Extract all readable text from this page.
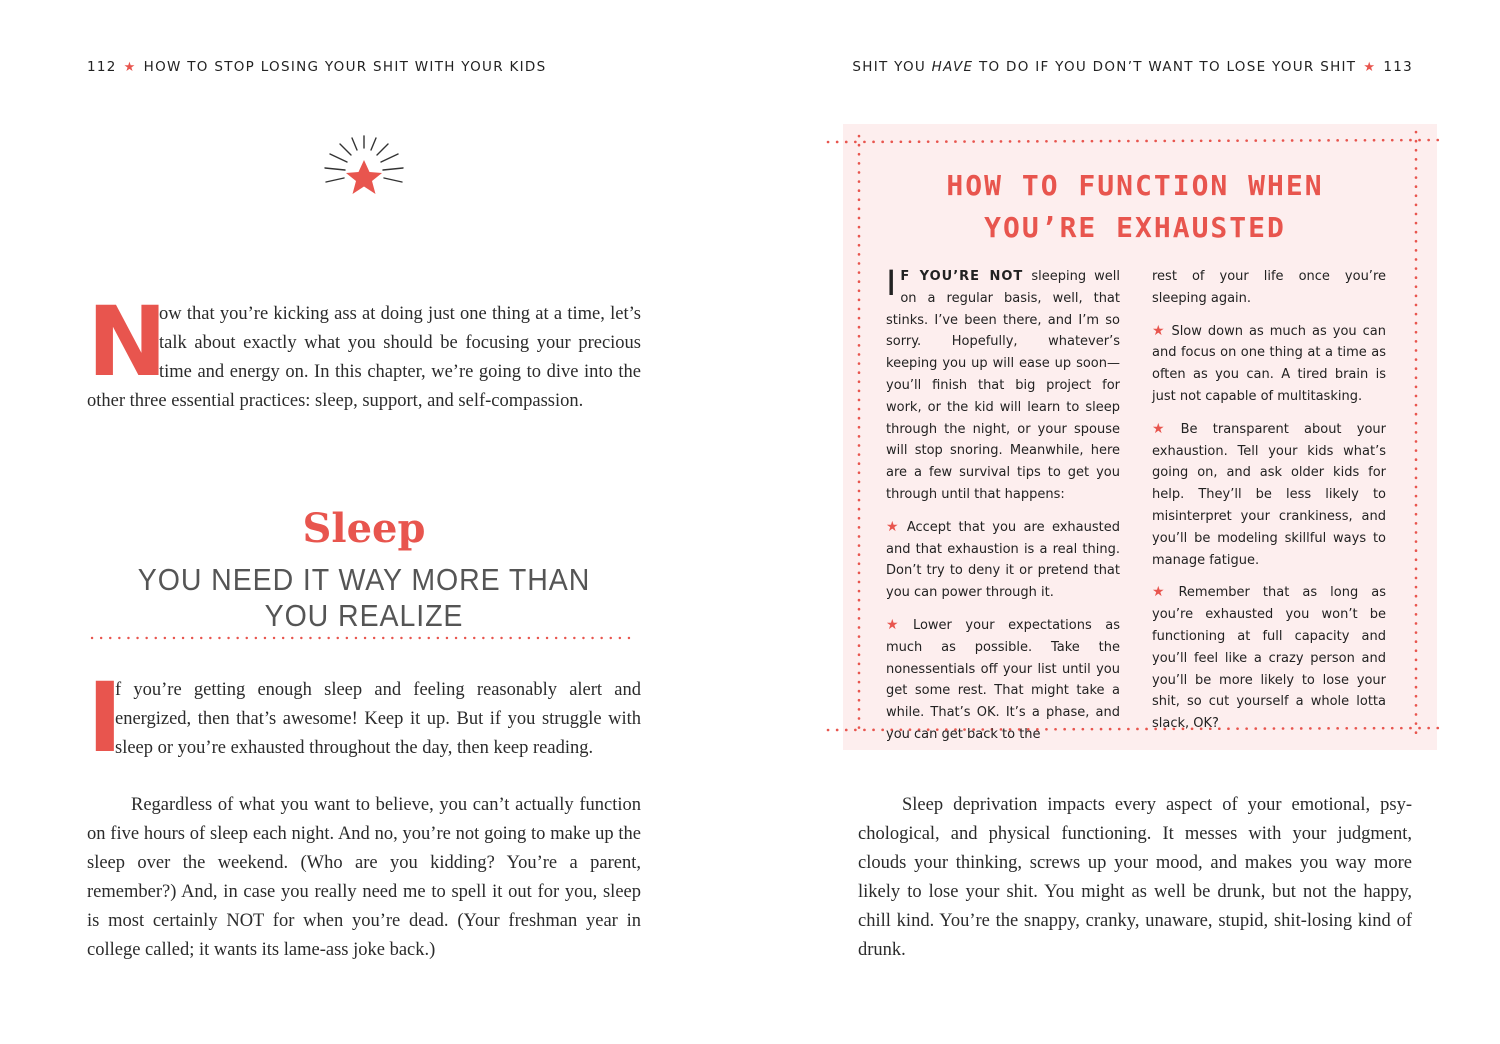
112 ★ HOW TO STOP LOSING YOUR SHIT WITH YOUR KIDS
N
ow that you’re kicking ass at doing just one thing at a time, let’s talk about exactly what you should be focusing your precious time and energy on. In this chapter, we’re going to dive into the other three essential practices: sleep, support, and self-compassion.
Sleep
YOU NEED IT WAY MORE THAN YOU REALIZE
I
f you’re getting enough sleep and feeling reasonably alert and energized, then that’s awesome! Keep it up. But if you struggle with sleep or you’re exhausted throughout the day, then keep reading.
Regardless of what you want to believe, you can’t actually function on five hours of sleep each night. And no, you’re not going to make up the sleep over the weekend. (Who are you kidding? You’re a parent, remember?) And, in case you really need me to spell it out for you, sleep is most certainly NOT for when you’re dead. (Your freshman year in college called; it wants its lame-ass joke back.)
SHIT YOU HAVE TO DO IF YOU DON’T WANT TO LOSE YOUR SHIT ★ 113
HOW TO FUNCTION WHEN
YOU’RE EXHAUSTED

I F YOU’RE NOT sleeping well on a regular basis, well, that stinks. I’ve been there, and I’m so sorry. Hopefully, whatever’s keeping you up will ease up soon—you’ll finish that big project for work, or the kid will learn to sleep through the night, or your spouse will stop snoring. Meanwhile, here are a few survival tips to get you through until that happens:

★ Accept that you are exhausted and that exhaustion is a real thing. Don’t try to deny it or pretend that you can power through it.

★ Lower your expectations as much as possible. Take the nonessentials off your list until you get some rest. That might take a while. That’s OK. It’s a phase, and you can get back to the

rest of your life once you’re sleeping again.

★ Slow down as much as you can and focus on one thing at a time as often as you can. A tired brain is just not capable of multitasking.

★ Be transparent about your exhaustion. Tell your kids what’s going on, and ask older kids for help. They’ll be less likely to misinterpret your crankiness, and you’ll be modeling skillful ways to manage fatigue.

★ Remember that as long as you’re exhausted you won’t be functioning at full capacity and you’ll feel like a crazy person and you’ll be more likely to lose your shit, so cut yourself a whole lotta slack, OK?

Sleep deprivation impacts every aspect of your emotional, psychological, and physical functioning. It messes with your judgment, clouds your thinking, screws up your mood, and makes you way more likely to lose your shit. You might as well be drunk, but not the happy, chill kind. You’re the snappy, cranky, unaware, stupid, shit-losing kind of drunk.
